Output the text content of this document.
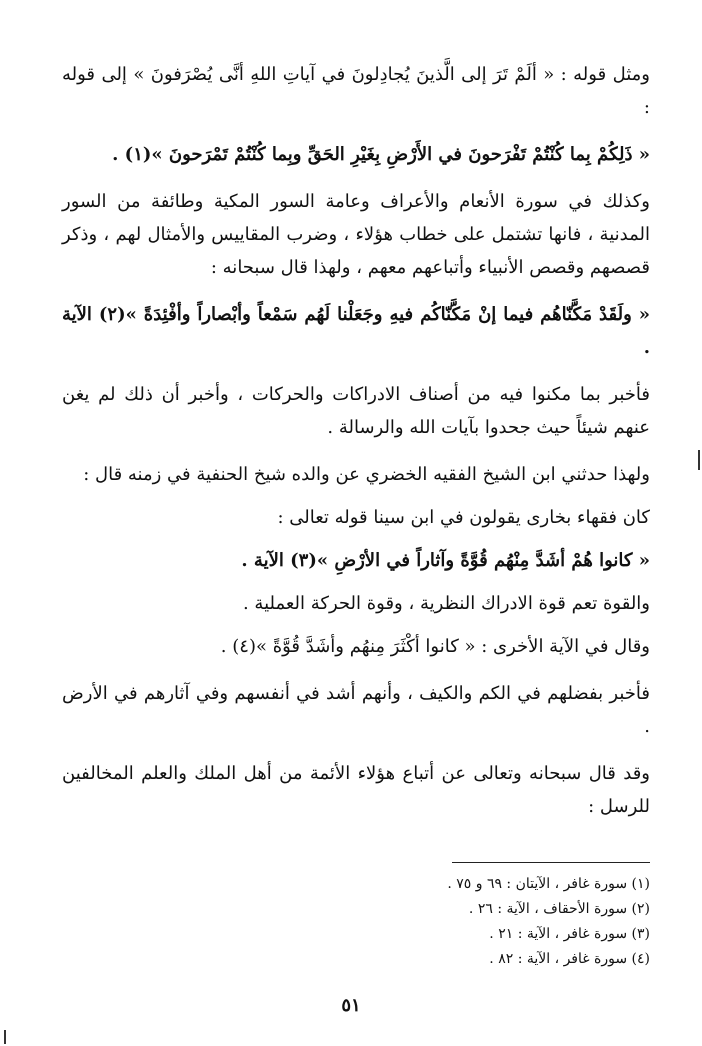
ومثل قوله : « ألَمْ تَرَ إلى الَّذينَ يُجادِلونَ في آياتِ اللهِ أنَّى يُصْرَفونَ » إلى قوله :

« ذَلِكُمْ بِما كُنْتُمْ تَفْرَحونَ في الأَرْضِ بِغَيْرِ الحَقِّ وبِما كُنْتُمْ تَمْرَحونَ »(١) .

وكذلك في سورة الأنعام والأعراف وعامة السور المكية وطائفة من السور المدنية ، فانها تشتمل على خطاب هؤلاء ، وضرب المقاييس والأمثال لهم ، وذكر قصصهم وقصص الأنبياء وأتباعهم معهم ، ولهذا قال سبحانه :

« ولَقَدْ مَكَّنّاهُم فيما إنْ مَكَّنّاكُم فيهِ وجَعَلْنا لَهُم سَمْعاً وأبْصاراً وأفْئِدَةً »(٢) الآية .

فأخبر بما مكنوا فيه من أصناف الادراكات والحركات ، وأخبر أن ذلك لم يغن عنهم شيئاً حيث جحدوا بآيات الله والرسالة .

ولهذا حدثني ابن الشيخ الفقيه الخضري عن والده شيخ الحنفية في زمنه قال :

كان فقهاء بخارى يقولون في ابن سينا قوله تعالى :

« كانوا هُمْ أشَدَّ مِنْهُم قُوَّةً وآثاراً في الأرْضِ »(٣) الآية .

والقوة تعم قوة الادراك النظرية ، وقوة الحركة العملية .

وقال في الآية الأخرى : « كانوا أكْثَرَ مِنهُم وأشَدَّ قُوَّةً »(٤) .

فأخبر بفضلهم في الكم والكيف ، وأنهم أشد في أنفسهم وفي آثارهم في الأرض .

وقد قال سبحانه وتعالى عن أتباع هؤلاء الأئمة من أهل الملك والعلم المخالفين للرسل :

(١) سورة غافر ، الآيتان : ٦٩ و ٧٥ .
(٢) سورة الأحقاف ، الآية : ٢٦ .
(٣) سورة غافر ، الآية : ٢١ .
(٤) سورة غافر ، الآية : ٨٢ .
٥١
